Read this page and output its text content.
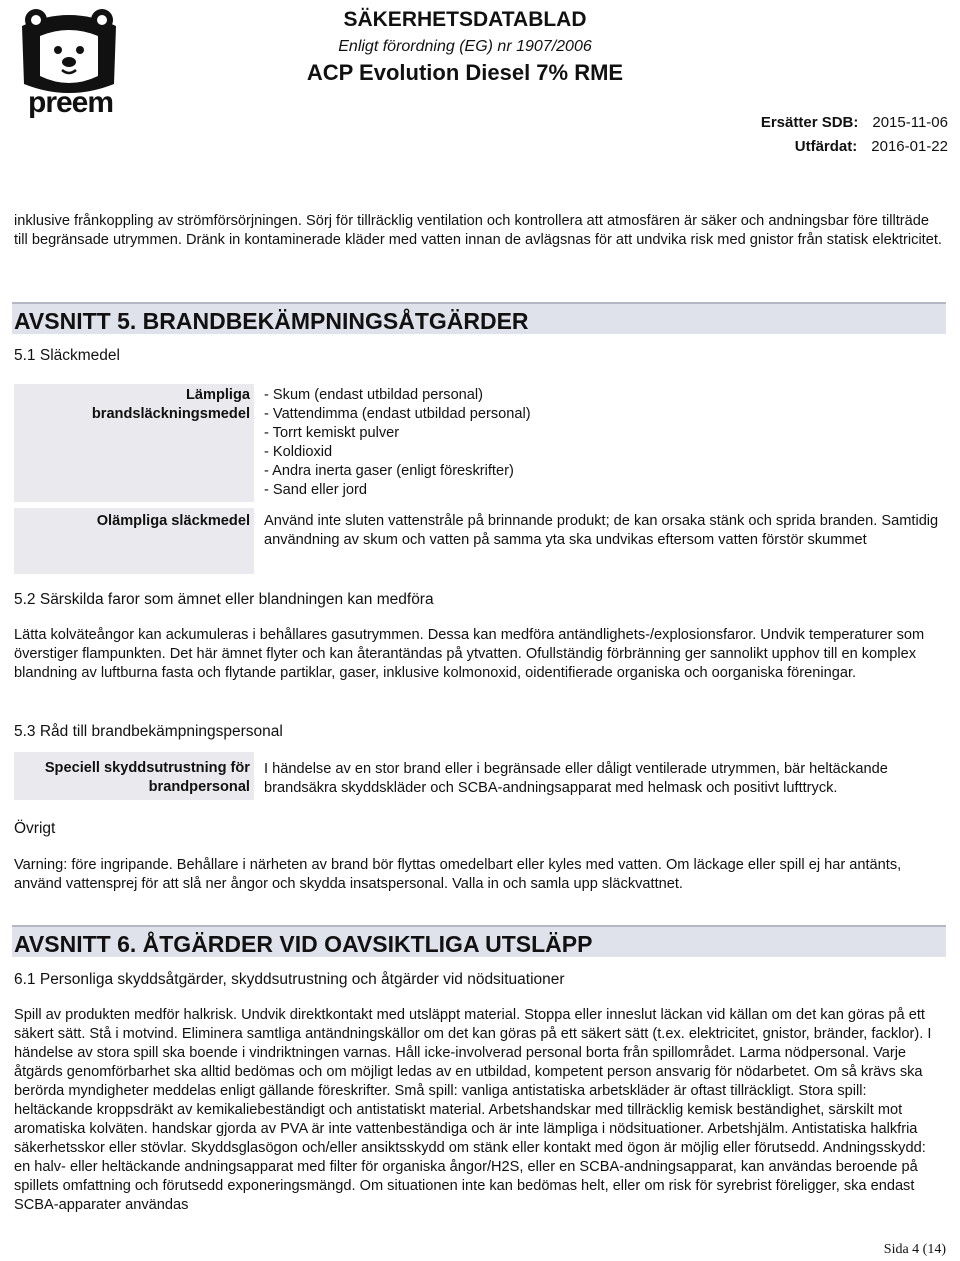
preem
SÄKERHETSDATABLAD
Enligt förordning (EG) nr 1907/2006
ACP Evolution Diesel 7% RME
Ersätter SDB: 2015-11-06
Utfärdat: 2016-01-22
inklusive frånkoppling av strömförsörjningen. Sörj för tillräcklig ventilation och kontrollera att atmosfären är säker och andningsbar före tillträde till begränsade utrymmen. Dränk in kontaminerade kläder med vatten innan de avlägsnas för att undvika risk med gnistor från statisk elektricitet.
AVSNITT 5. BRANDBEKÄMPNINGSÅTGÄRDER
5.1 Släckmedel
Lämpliga
brandsläckningsmedel
- Skum (endast utbildad personal)
- Vattendimma (endast utbildad personal)
- Torrt kemiskt pulver
- Koldioxid
- Andra inerta gaser (enligt föreskrifter)
- Sand eller jord
Olämpliga släckmedel Använd inte sluten vattenstråle på brinnande produkt; de kan orsaka stänk och sprida branden. Samtidig användning av skum och vatten på samma yta ska undvikas eftersom vatten förstör skummet
5.2 Särskilda faror som ämnet eller blandningen kan medföra
Lätta kolväteångor kan ackumuleras i behållares gasutrymmen. Dessa kan medföra antändlighets-/explosionsfaror. Undvik temperaturer som överstiger flampunkten. Det här ämnet flyter och kan återantändas på ytvatten. Ofullständig förbränning ger sannolikt upphov till en komplex blandning av luftburna fasta och flytande partiklar, gaser, inklusive kolmonoxid, oidentifierade organiska och oorganiska föreningar.
5.3 Råd till brandbekämpningspersonal
Speciell skyddsutrustning för
brandpersonal
I händelse av en stor brand eller i begränsade eller dåligt ventilerade utrymmen, bär heltäckande brandsäkra skyddskläder och SCBA-andningsapparat med helmask och positivt lufttryck.
Övrigt
Varning: före ingripande. Behållare i närheten av brand bör flyttas omedelbart eller kyles med vatten. Om läckage eller spill ej har antänts, använd vattensprej för att slå ner ångor och skydda insatspersonal. Valla in och samla upp släckvattnet.
AVSNITT 6. ÅTGÄRDER VID OAVSIKTLIGA UTSLÄPP
6.1 Personliga skyddsåtgärder, skyddsutrustning och åtgärder vid nödsituationer
Spill av produkten medför halkrisk. Undvik direktkontakt med utsläppt material. Stoppa eller inneslut läckan vid källan om det kan göras på ett säkert sätt. Stå i motvind. Eliminera samtliga antändningskällor om det kan göras på ett säkert sätt (t.ex. elektricitet, gnistor, bränder, facklor). I händelse av stora spill ska boende i vindriktningen varnas. Håll icke-involverad personal borta från spillområdet. Larma nödpersonal. Varje åtgärds genomförbarhet ska alltid bedömas och om möjligt ledas av en utbildad, kompetent person ansvarig för nödarbetet. Om så krävs ska berörda myndigheter meddelas enligt gällande föreskrifter. Små spill: vanliga antistatiska arbetskläder är oftast tillräckligt. Stora spill: heltäckande kroppsdräkt av kemikaliebeständigt och antistatiskt material. Arbetshandskar med tillräcklig kemisk beständighet, särskilt mot aromatiska kolväten. handskar gjorda av PVA är inte vattenbeständiga och är inte lämpliga i nödsituationer. Arbetshjälm. Antistatiska halkfria säkerhetsskor eller stövlar. Skyddsglasögon och/eller ansiktsskydd om stänk eller kontakt med ögon är möjlig eller förutsedd. Andningsskydd: en halv- eller heltäckande andningsapparat med filter för organiska ångor/H2S, eller en SCBA-andningsapparat, kan användas beroende på spillets omfattning och förutsedd exponeringsmängd. Om situationen inte kan bedömas helt, eller om risk för syrebrist föreligger, ska endast SCBA-apparater användas
Sida 4 (14)
